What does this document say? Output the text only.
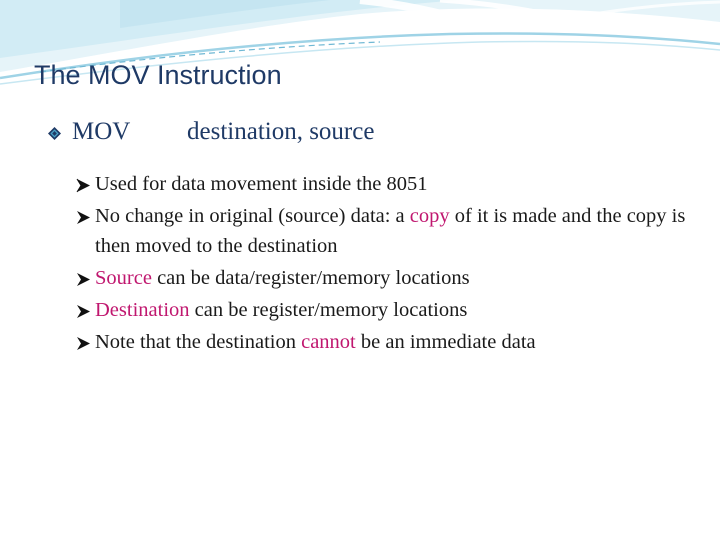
The MOV Instruction
MOV destination, source
Used for data movement inside the 8051
No change in original (source) data: a copy of it is made and the copy is then moved to the destination
Source can be data/register/memory locations
Destination can be register/memory locations
Note that the destination cannot be an immediate data
